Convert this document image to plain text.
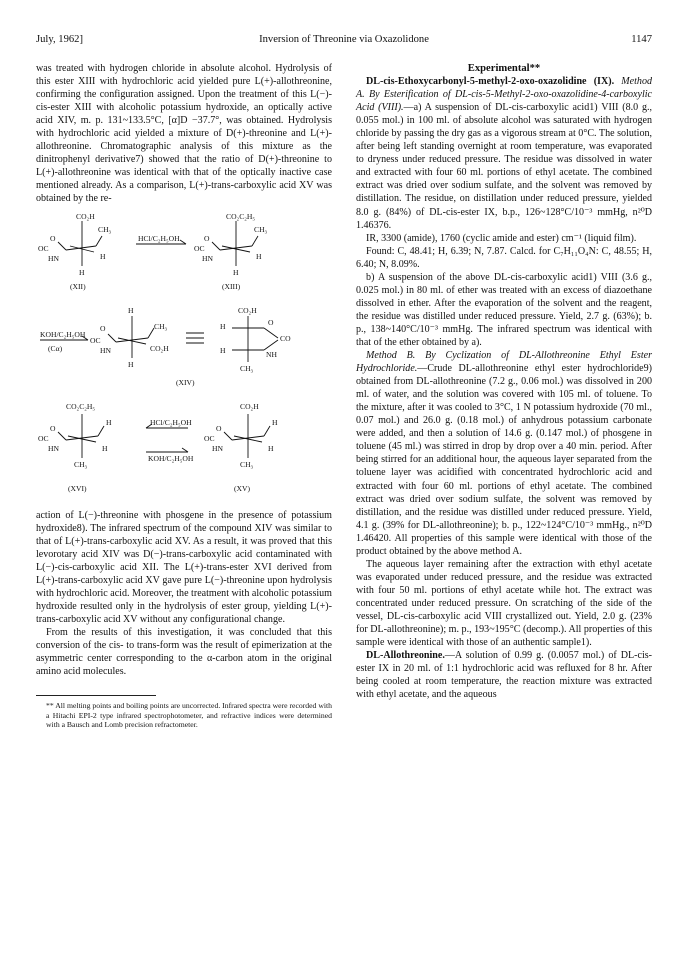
July, 1962]	Inversion of Threonine via Oxazolidone	1147

was treated with hydrogen chloride in absolute alcohol. Hydrolysis of this ester XIII with hydrochloric acid yielded pure L(+)-allothreonine, confirming the configuration assigned. Upon the treatment of this L(−)-cis-ester XIII with alcoholic potassium hydroxide, an optically active acid XIV, m. p. 131~133.5°C, [α]D −37.7°, was obtained. Hydrolysis with hydrochloric acid yielded a mixture of D(+)-threonine and L(+)-allothreonine. Chromatographic analysis of this mixture as the dinitrophenyl derivative7) showed that the ratio of D(+)-threonine to L(+)-allothreonine was identical with that of the optically inactive case mentioned already. As a comparison, L(+)-trans-carboxylic acid XV was obtained by the re-

CO₂H
CH₃
O
OC
HN	H
H
(XII)
HCl/C₂H₅OH
CO₂C₂H₅
CH₃
O
OC
HN	H
H
(XIII)
KOH/C₂H₅OH
(Cα)
H
O	CH₃
OC
HN	CO₂H
H
CO₂H
H	O
CO
H	NH
CH₃
(XIV)
CO₂C₂H₅
O
H
OC
HN	H
CH₃
(XVI)
HCl/C₂H₅OH
KOH/C₂H₅OH
CO₂H
O
H
OC
HN	H
CH₃
(XV)

action of L(−)-threonine with phosgene in the presence of potassium hydroxide8). The infrared spectrum of the compound XIV was similar to that of L(+)-trans-carboxylic acid XV. As a result, it was proved that this levorotary acid XIV was D(−)-trans-carboxylic acid contaminated with L(−)-cis-carboxylic acid XII. The L(+)-trans-ester XVI derived from L(+)-trans-carboxylic acid XV gave pure L(−)-threonine upon hydrolysis with hydrochloric acid. Moreover, the treatment with alcoholic potassium hydroxide resulted only in the hydrolysis of ester group, yielding L(+)-trans-carboxylic acid XV without any configurational change.

From the results of this investigation, it was concluded that this conversion of the cis- to trans-form was the result of epimerization at the asymmetric center corresponding to the α-carbon atom in the original amino acid molecules.

** All melting points and boiling points are uncorrected. Infrared spectra were recorded with a Hitachi EPI-2 type infrared spectrophotometer, and refractive indices were determined with a Bausch and Lomb precision refractometer.

Experimental**

DL-cis-Ethoxycarbonyl-5-methyl-2-oxo-oxazolidine (IX). Method A. By Esterification of DL-cis-5-Methyl-2-oxo-oxazolidine-4-carboxylic Acid (VIII).—a) A suspension of DL-cis-carboxylic acid1) VIII (8.0 g., 0.055 mol.) in 100 ml. of absolute alcohol was saturated with hydrogen chloride by passing the dry gas as a vigorous stream at 0°C. The solution, after being left standing overnight at room temperature, was evaporated to dryness under reduced pressure. The residue was dissolved in water and extracted with four 60 ml. portions of ethyl acetate. The combined extract was dried over sodium sulfate, and the solvent was removed by distillation. The residue, on distillation under reduced pressure, yielded 8.0 g. (84%) of DL-cis-ester IX, b.p., 126~128°C/10⁻³ mmHg, n²⁰D 1.46376.

IR, 3300 (amide), 1760 (cyclic amide and ester) cm⁻¹ (liquid film).

Found: C, 48.41; H, 6.39; N, 7.87. Calcd. for C₇H₁₁O₄N: C, 48.55; H, 6.40; N, 8.09%.

b) A suspension of the above DL-cis-carboxylic acid1) VIII (3.6 g., 0.025 mol.) in 80 ml. of ether was treated with an excess of diazoethane dissolved in ether. After the evaporation of the solvent and the reagent, the residue was distilled under reduced pressure. Yield, 2.7 g. (63%); b. p., 138~140°C/10⁻³ mmHg. The infrared spectrum was identical with that of the ether obtained by a).

Method B. By Cyclization of DL-Allothreonine Ethyl Ester Hydrochloride.—Crude DL-allothreonine ethyl ester hydrochloride9) obtained from DL-allothreonine (7.2 g., 0.06 mol.) was dissolved in 200 ml. of water, and the solution was covered with 105 ml. of toluene. To the mixture, after it was cooled to 3°C, 1 N potassium hydroxide (70 ml., 0.07 mol.) and 26.0 g. (0.18 mol.) of anhydrous potassium carbonate were added, and then a solution of 14.6 g. (0.147 mol.) of phosgene in toluene (45 ml.) was stirred in drop by drop over a 40 min. period. After being stirred for an additional hour, the aqueous layer separated from the toluene layer was acidified with concentrated hydrochloric acid and extracted with four 60 ml. portions of ethyl acetate. The combined extract was dried over sodium sulfate, the solvent was removed by distillation, and the residue was distilled under reduced pressure. Yield, 4.1 g. (39% for DL-allothreonine); b. p., 122~124°C/10⁻³ mmHg., n²⁰D 1.46420. All properties of this sample were identical with those of the product obtained by the above method A.

The aqueous layer remaining after the extraction with ethyl acetate was evaporated under reduced pressure, and the residue was extracted with four 50 ml. portions of ethyl acetate while hot. The extract was concentrated under reduced pressure. On scratching of the side of the vessel, DL-cis-carboxylic acid VIII crystallized out. Yield, 2.0 g. (23% for DL-allothreonine); m. p., 193~195°C (decomp.). All properties of this sample were identical with those of an authentic sample1).

DL-Allothreonine.—A solution of 0.99 g. (0.0057 mol.) of DL-cis-ester IX in 20 ml. of 1:1 hydrochloric acid was refluxed for 8 hr. After being cooled at room temperature, the reaction mixture was extracted with ethyl acetate, and the aqueous
